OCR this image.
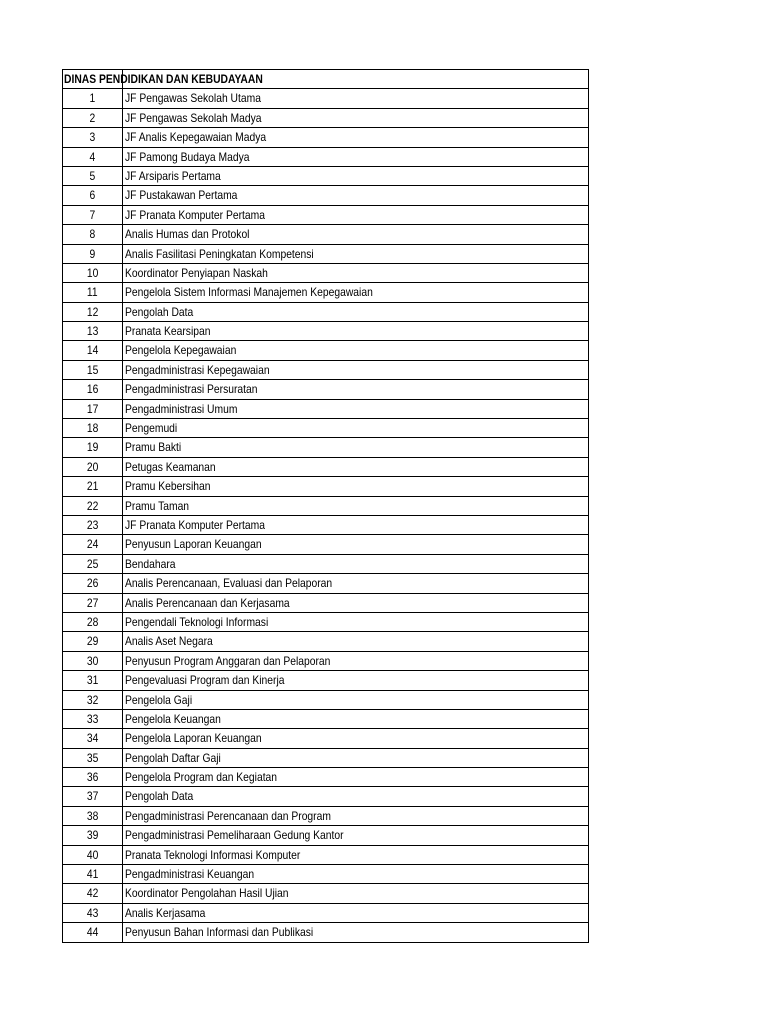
DINAS PENDIDIKAN DAN KEBUDAYAAN
1	JF Pengawas Sekolah Utama
2	JF Pengawas Sekolah Madya
3	JF Analis Kepegawaian Madya
4	JF Pamong Budaya Madya
5	JF Arsiparis Pertama
6	JF Pustakawan Pertama
7	JF Pranata Komputer Pertama
8	Analis Humas dan Protokol
9	Analis Fasilitasi Peningkatan Kompetensi
10	Koordinator Penyiapan Naskah
11	Pengelola Sistem Informasi Manajemen Kepegawaian
12	Pengolah Data
13	Pranata Kearsipan
14	Pengelola Kepegawaian
15	Pengadministrasi Kepegawaian
16	Pengadministrasi Persuratan
17	Pengadministrasi Umum
18	Pengemudi
19	Pramu Bakti
20	Petugas Keamanan
21	Pramu Kebersihan
22	Pramu Taman
23	JF Pranata Komputer Pertama
24	Penyusun Laporan Keuangan
25	Bendahara
26	Analis Perencanaan, Evaluasi dan Pelaporan
27	Analis Perencanaan dan Kerjasama
28	Pengendali Teknologi Informasi
29	Analis Aset Negara
30	Penyusun Program Anggaran dan Pelaporan
31	Pengevaluasi Program dan Kinerja
32	Pengelola Gaji
33	Pengelola Keuangan
34	Pengelola Laporan Keuangan
35	Pengolah Daftar Gaji
36	Pengelola Program dan Kegiatan
37	Pengolah Data
38	Pengadministrasi Perencanaan dan Program
39	Pengadministrasi Pemeliharaan Gedung Kantor
40	Pranata Teknologi Informasi Komputer
41	Pengadministrasi Keuangan
42	Koordinator Pengolahan Hasil Ujian
43	Analis Kerjasama
44	Penyusun Bahan Informasi dan Publikasi
